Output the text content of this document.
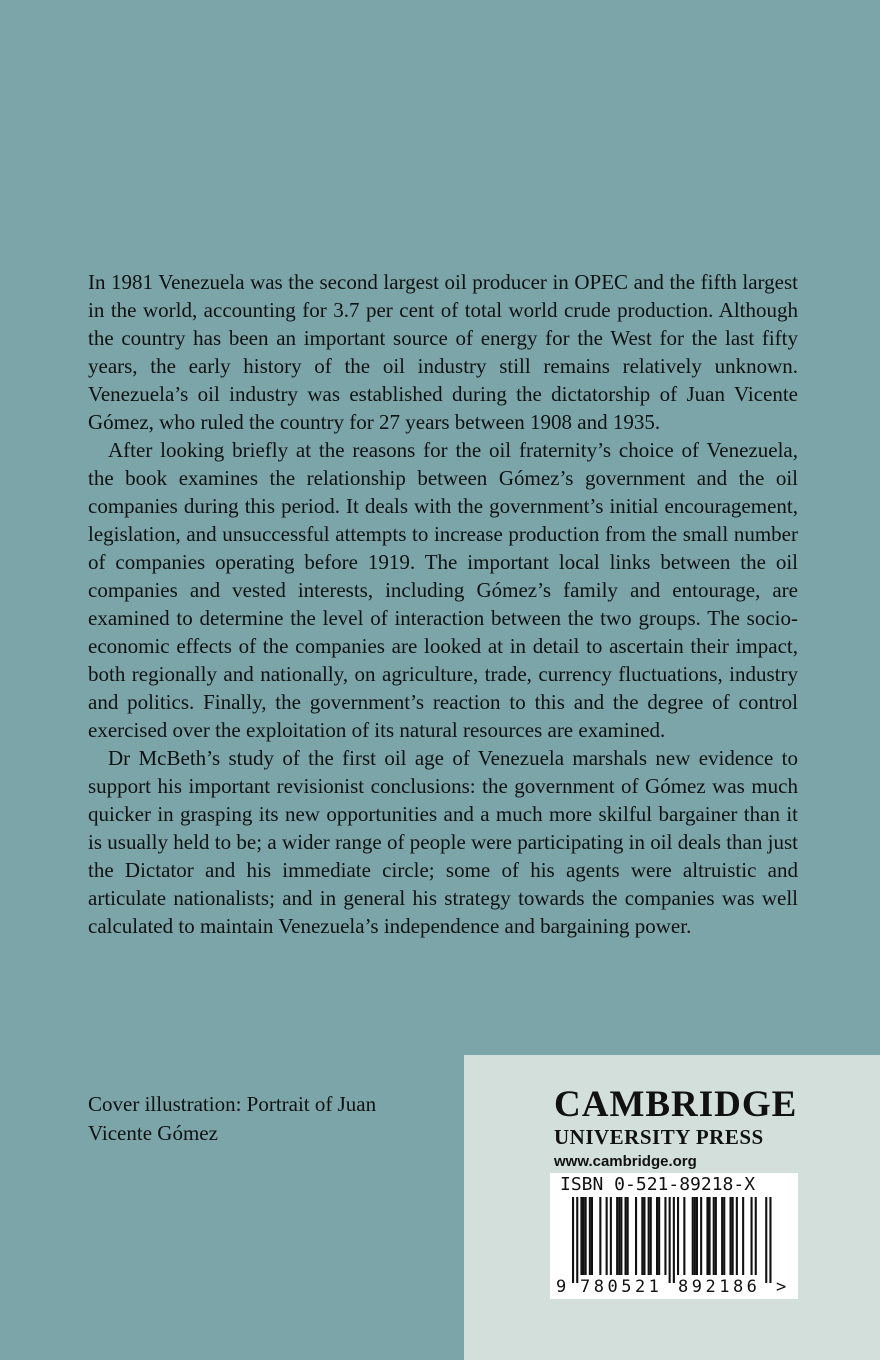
In 1981 Venezuela was the second largest oil producer in OPEC and the fifth largest in the world, accounting for 3.7 per cent of total world crude production. Although the country has been an important source of energy for the West for the last fifty years, the early history of the oil industry still remains relatively unknown. Venezuela’s oil industry was established during the dictatorship of Juan Vicente Gómez, who ruled the country for 27 years between 1908 and 1935.

After looking briefly at the reasons for the oil fraternity’s choice of Venezuela, the book examines the relationship between Gómez’s government and the oil companies during this period. It deals with the government’s initial encouragement, legislation, and unsuccessful attempts to increase production from the small number of companies operating before 1919. The important local links between the oil companies and vested interests, including Gómez’s family and entourage, are examined to determine the level of interaction between the two groups. The socio-economic effects of the companies are looked at in detail to ascertain their impact, both regionally and nationally, on agriculture, trade, currency fluctuations, industry and politics. Finally, the government’s reaction to this and the degree of control exercised over the exploitation of its natural resources are examined.

Dr McBeth’s study of the first oil age of Venezuela marshals new evidence to support his important revisionist conclusions: the government of Gómez was much quicker in grasping its new opportunities and a much more skilful bargainer than it is usually held to be; a wider range of people were participating in oil deals than just the Dictator and his immediate circle; some of his agents were altruistic and articulate nationalists; and in general his strategy towards the companies was well calculated to maintain Venezuela’s independence and bargaining power.

Cover illustration: Portrait of Juan Vicente Gómez
CAMBRIDGE
UNIVERSITY PRESS
www.cambridge.org
ISBN 0-521-89218-X
9 780521 892186 >
